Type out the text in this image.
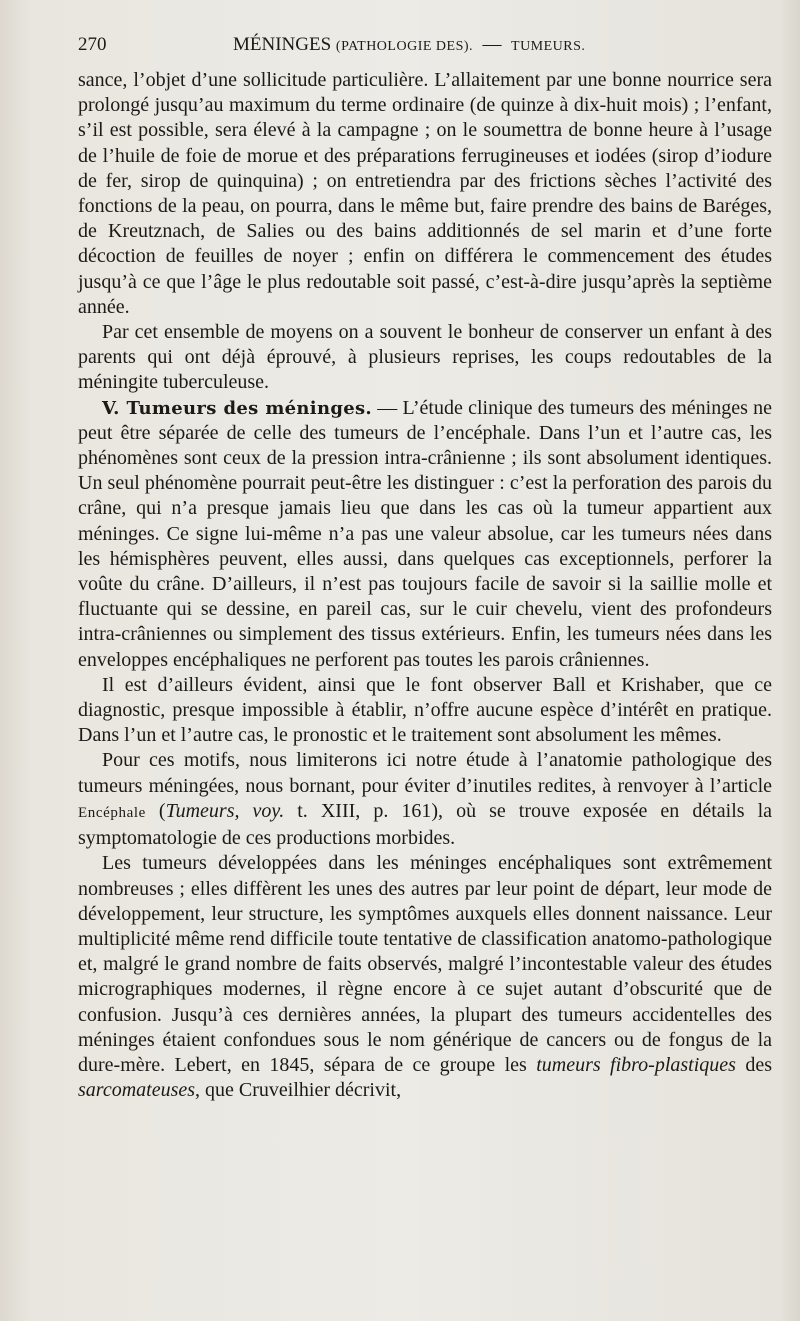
270	MÉNINGES (PATHOLOGIE DES). — TUMEURS.

sance, l’objet d’une sollicitude particulière. L’allaitement par une bonne nourrice sera prolongé jusqu’au maximum du terme ordinaire (de quinze à dix-huit mois) ; l’enfant, s’il est possible, sera élevé à la campagne ; on le soumettra de bonne heure à l’usage de l’huile de foie de morue et des préparations ferrugineuses et iodées (sirop d’iodure de fer, sirop de quinquina) ; on entretiendra par des frictions sèches l’activité des fonctions de la peau, on pourra, dans le même but, faire prendre des bains de Baréges, de Kreutznach, de Salies ou des bains additionnés de sel marin et d’une forte décoction de feuilles de noyer ; enfin on différera le commencement des études jusqu’à ce que l’âge le plus redoutable soit passé, c’est-à-dire jusqu’après la septième année.

Par cet ensemble de moyens on a souvent le bonheur de conserver un enfant à des parents qui ont déjà éprouvé, à plusieurs reprises, les coups redoutables de la méningite tuberculeuse.

V. Tumeurs des méninges. — L’étude clinique des tumeurs des méninges ne peut être séparée de celle des tumeurs de l’encéphale. Dans l’un et l’autre cas, les phénomènes sont ceux de la pression intra-crânienne ; ils sont absolument identiques. Un seul phénomène pourrait peut-être les distinguer : c’est la perforation des parois du crâne, qui n’a presque jamais lieu que dans les cas où la tumeur appartient aux méninges. Ce signe lui-même n’a pas une valeur absolue, car les tumeurs nées dans les hémisphères peuvent, elles aussi, dans quelques cas exceptionnels, perforer la voûte du crâne. D’ailleurs, il n’est pas toujours facile de savoir si la saillie molle et fluctuante qui se dessine, en pareil cas, sur le cuir chevelu, vient des profondeurs intra-crâniennes ou simplement des tissus extérieurs. Enfin, les tumeurs nées dans les enveloppes encéphaliques ne perforent pas toutes les parois crâniennes.

Il est d’ailleurs évident, ainsi que le font observer Ball et Krishaber, que ce diagnostic, presque impossible à établir, n’offre aucune espèce d’intérêt en pratique. Dans l’un et l’autre cas, le pronostic et le traitement sont absolument les mêmes.

Pour ces motifs, nous limiterons ici notre étude à l’anatomie pathologique des tumeurs méningées, nous bornant, pour éviter d’inutiles redites, à renvoyer à l’article Encéphale (Tumeurs, voy. t. XIII, p. 161), où se trouve exposée en détails la symptomatologie de ces productions morbides.

Les tumeurs développées dans les méninges encéphaliques sont extrêmement nombreuses ; elles diffèrent les unes des autres par leur point de départ, leur mode de développement, leur structure, les symptômes auxquels elles donnent naissance. Leur multiplicité même rend difficile toute tentative de classification anatomo-pathologique et, malgré le grand nombre de faits observés, malgré l’incontestable valeur des études micrographiques modernes, il règne encore à ce sujet autant d’obscurité que de confusion. Jusqu’à ces dernières années, la plupart des tumeurs accidentelles des méninges étaient confondues sous le nom générique de cancers ou de fongus de la dure-mère. Lebert, en 1845, sépara de ce groupe les tumeurs fibro-plastiques des sarcomateuses, que Cruveilhier décrivit,
